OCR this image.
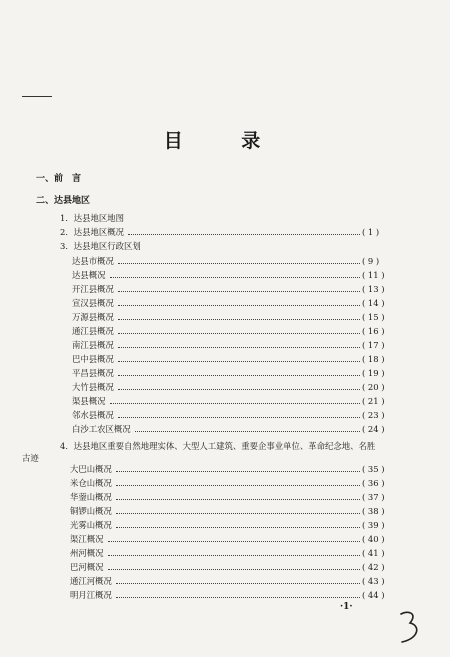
目 录
一、前　言
二、达县地区
1．达县地区地图
2．达县地区概况	( 1 )
3．达县地区行政区划
达县市概况	( 9 )
达县概况	( 11 )
开江县概况	( 13 )
宣汉县概况	( 14 )
万源县概况	( 15 )
通江县概况	( 16 )
南江县概况	( 17 )
巴中县概况	( 18 )
平昌县概况	( 19 )
大竹县概况	( 20 )
渠县概况	( 21 )
邻水县概况	( 23 )
白沙工农区概况	( 24 )
4．达县地区重要自然地理实体、大型人工建筑、重要企事业单位、革命纪念地、名胜
古迹
大巴山概况	( 35 )
米仓山概况	( 36 )
华蓥山概况	( 37 )
铜锣山概况	( 38 )
光雾山概况	( 39 )
渠江概况	( 40 )
州河概况	( 41 )
巴河概况	( 42 )
通江河概况	( 43 )
明月江概况	( 44 )
·1·
